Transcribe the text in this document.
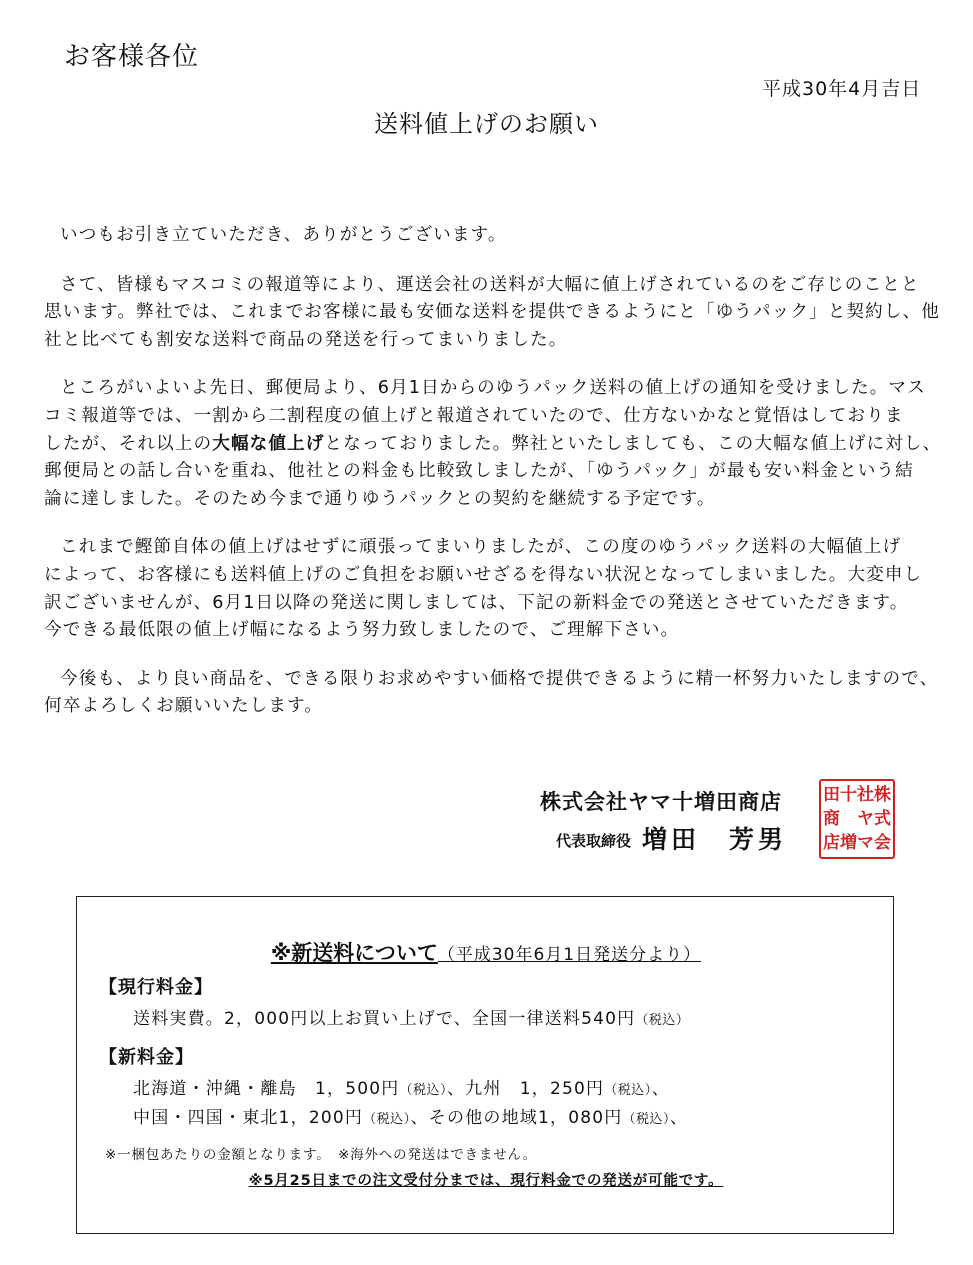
お客様各位
平成30年4月吉日
送料値上げのお願い

いつもお引き立ていただき、ありがとうございます。

さて、皆様もマスコミの報道等により、運送会社の送料が大幅に値上げされているのをご存じのことと
思います。弊社では、これまでお客様に最も安価な送料を提供できるようにと「ゆうパック」と契約し、他
社と比べても割安な送料で商品の発送を行ってまいりました。

ところがいよいよ先日、郵便局より、6月1日からのゆうパック送料の値上げの通知を受けました。マス
コミ報道等では、一割から二割程度の値上げと報道されていたので、仕方ないかなと覚悟はしておりま
したが、それ以上の大幅な値上げとなっておりました。弊社といたしましても、この大幅な値上げに対し、
郵便局との話し合いを重ね、他社との料金も比較致しましたが、「ゆうパック」が最も安い料金という結
論に達しました。そのため今まで通りゆうパックとの契約を継続する予定です。

これまで鰹節自体の値上げはせずに頑張ってまいりましたが、この度のゆうパック送料の大幅値上げ
によって、お客様にも送料値上げのご負担をお願いせざるを得ない状況となってしまいました。大変申し
訳ございませんが、6月1日以降の発送に関しましては、下記の新料金での発送とさせていただきます。
今できる最低限の値上げ幅になるよう努力致しましたので、ご理解下さい。

今後も、より良い商品を、できる限りお求めやすい価格で提供できるように精一杯努力いたしますので、
何卒よろしくお願いいたします。

株式会社ヤマ十増田商店
代表取締役 増田　芳男
株
式
会
社
ヤ
マ
十
増
田
商
店
※新送料について（平成30年6月1日発送分より）
【現行料金】
送料実費。2，000円以上お買い上げで、全国一律送料540円（税込）
【新料金】
北海道・沖縄・離島　1，500円（税込）、九州　1，250円（税込）、
中国・四国・東北1，200円（税込）、その他の地域1，080円（税込）、
※一梱包あたりの金額となります。　※海外への発送はできません。
※5月25日までの注文受付分までは、現行料金での発送が可能です。
